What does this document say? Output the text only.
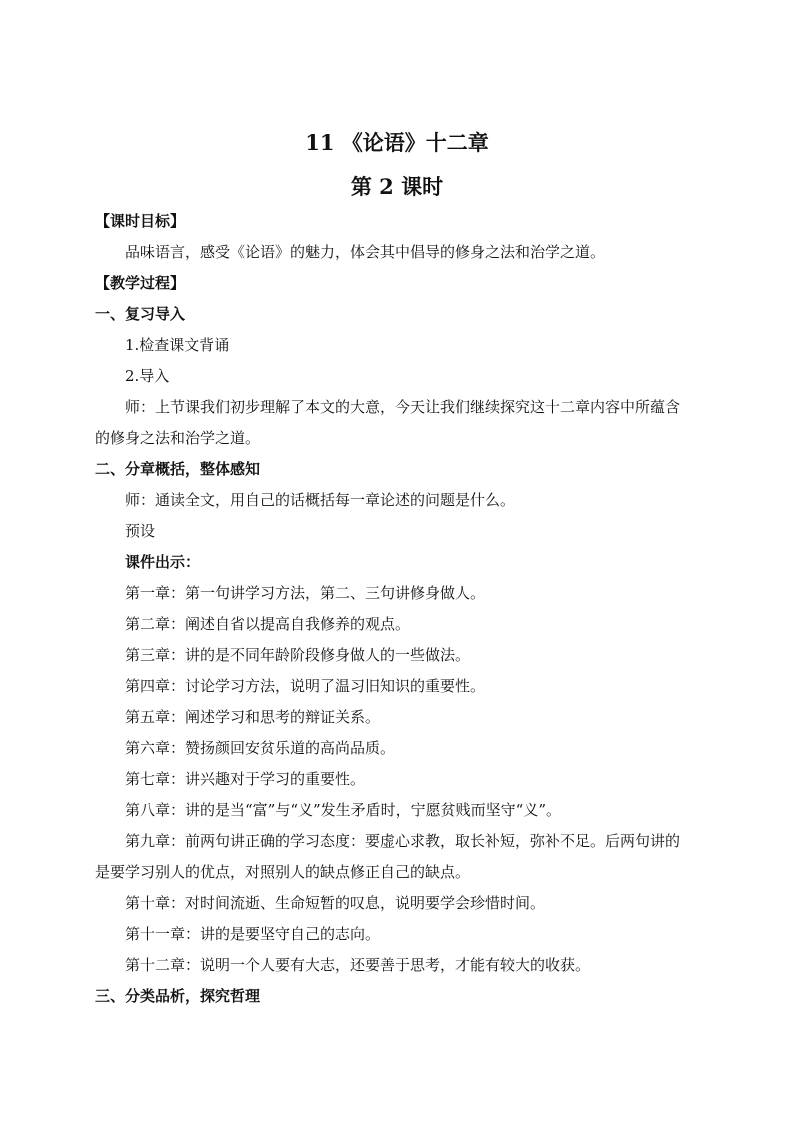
11 《论语》十二章
第 2 课时

【课时目标】

品味语言，感受《论语》的魅力，体会其中倡导的修身之法和治学之道。

【教学过程】

一、复习导入

1.检查课文背诵

2.导入

师：上节课我们初步理解了本文的大意，今天让我们继续探究这十二章内容中所蕴含

的修身之法和治学之道。

二、分章概括，整体感知

师：通读全文，用自己的话概括每一章论述的问题是什么。

预设

课件出示：

第一章：第一句讲学习方法，第二、三句讲修身做人。

第二章：阐述自省以提高自我修养的观点。

第三章：讲的是不同年龄阶段修身做人的一些做法。

第四章：讨论学习方法，说明了温习旧知识的重要性。

第五章：阐述学习和思考的辩证关系。

第六章：赞扬颜回安贫乐道的高尚品质。

第七章：讲兴趣对于学习的重要性。

第八章：讲的是当“富”与“义”发生矛盾时，宁愿贫贱而坚守“义”。

第九章：前两句讲正确的学习态度：要虚心求教，取长补短，弥补不足。后两句讲的

是要学习别人的优点，对照别人的缺点修正自己的缺点。

第十章：对时间流逝、生命短暂的叹息，说明要学会珍惜时间。

第十一章：讲的是要坚守自己的志向。

第十二章：说明一个人要有大志，还要善于思考，才能有较大的收获。

三、分类品析，探究哲理
